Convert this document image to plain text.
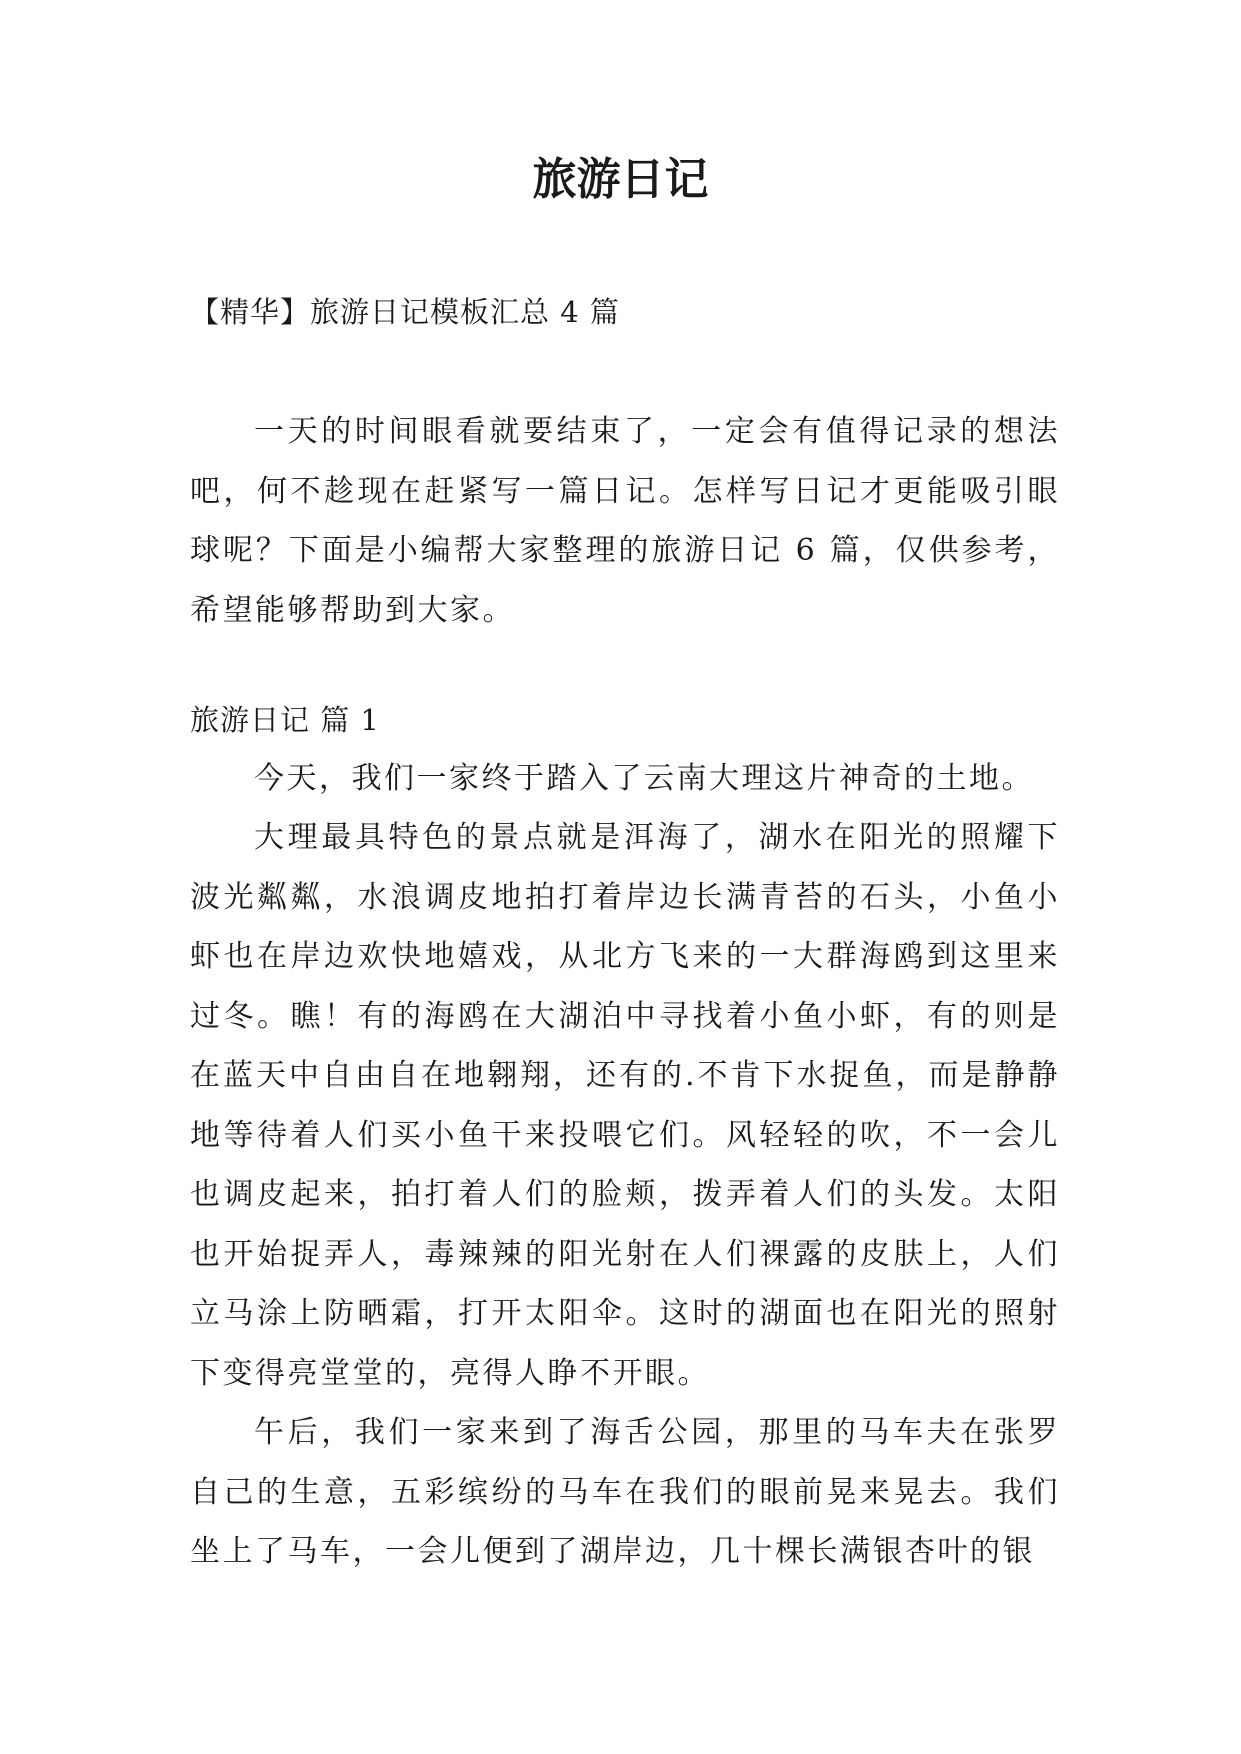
旅游日记

【精华】旅游日记模板汇总 4 篇

一天的时间眼看就要结束了，一定会有值得记录的想法吧，何不趁现在赶紧写一篇日记。怎样写日记才更能吸引眼球呢？下面是小编帮大家整理的旅游日记 6 篇，仅供参考，希望能够帮助到大家。

旅游日记 篇 1

今天，我们一家终于踏入了云南大理这片神奇的土地。

大理最具特色的景点就是洱海了，湖水在阳光的照耀下波光粼粼，水浪调皮地拍打着岸边长满青苔的石头，小鱼小虾也在岸边欢快地嬉戏，从北方飞来的一大群海鸥到这里来过冬。瞧！有的海鸥在大湖泊中寻找着小鱼小虾，有的则是在蓝天中自由自在地翱翔，还有的.不肯下水捉鱼，而是静静地等待着人们买小鱼干来投喂它们。风轻轻的吹，不一会儿也调皮起来，拍打着人们的脸颊，拨弄着人们的头发。太阳也开始捉弄人，毒辣辣的阳光射在人们裸露的皮肤上，人们立马涂上防晒霜，打开太阳伞。这时的湖面也在阳光的照射下变得亮堂堂的，亮得人睁不开眼。

午后，我们一家来到了海舌公园，那里的马车夫在张罗自己的生意，五彩缤纷的马车在我们的眼前晃来晃去。我们坐上了马车，一会儿便到了湖岸边，几十棵长满银杏叶的银
